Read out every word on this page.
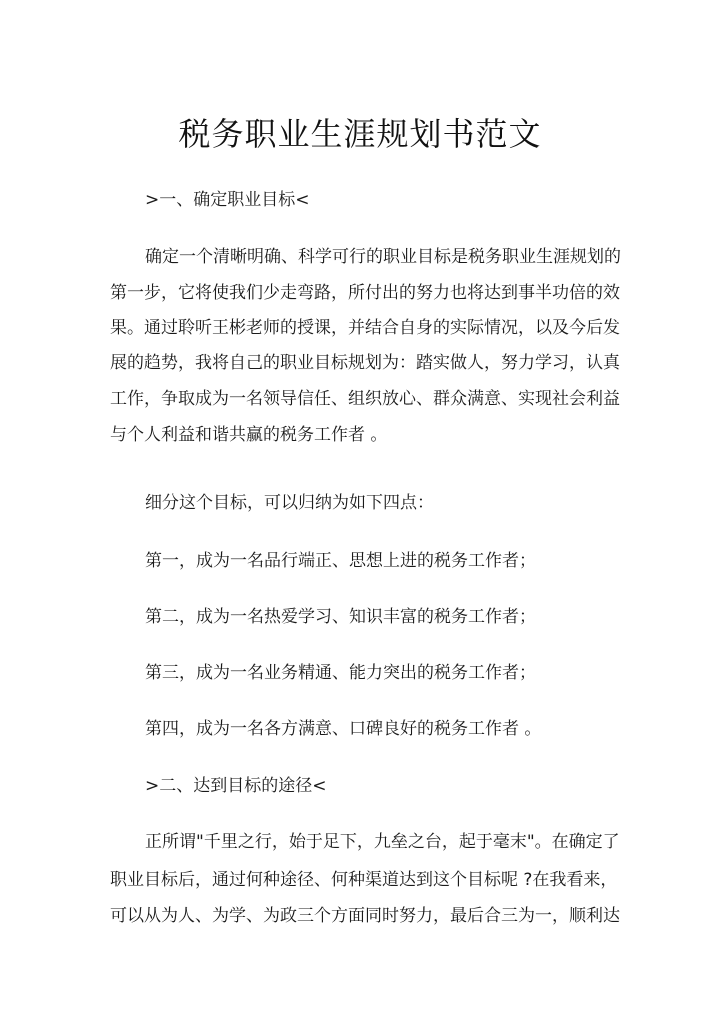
税务职业生涯规划书范文

>一、确定职业目标<

确定一个清晰明确、科学可行的职业目标是税务职业生涯规划的

第一步，它将使我们少走弯路，所付出的努力也将达到事半功倍的效

果。通过聆听王彬老师的授课，并结合自身的实际情况，以及今后发

展的趋势，我将自己的职业目标规划为：踏实做人，努力学习，认真

工作，争取成为一名领导信任、组织放心、群众满意、实现社会利益

与个人利益和谐共赢的税务工作者 。

细分这个目标，可以归纳为如下四点：

第一，成为一名品行端正、思想上进的税务工作者；

第二，成为一名热爱学习、知识丰富的税务工作者；

第三，成为一名业务精通、能力突出的税务工作者；

第四，成为一名各方满意、口碑良好的税务工作者 。

>二、达到目标的途径<

正所谓"千里之行，始于足下，九垒之台，起于毫末"。在确定了

职业目标后，通过何种途径、何种渠道达到这个目标呢 ?在我看来，

可以从为人、为学、为政三个方面同时努力，最后合三为一，顺利达
